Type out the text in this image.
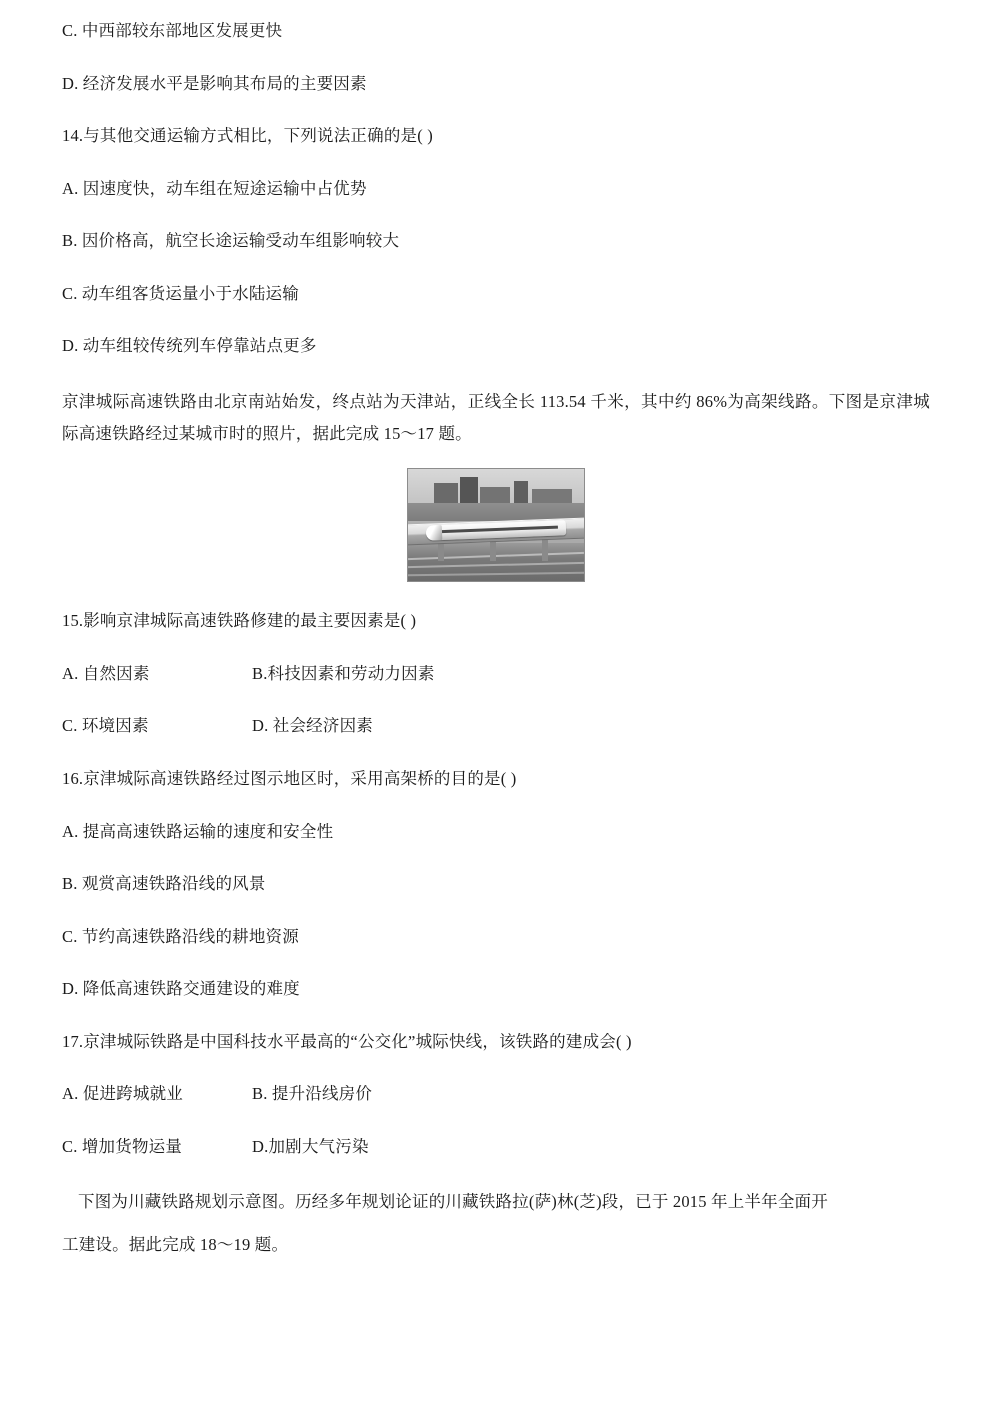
C. 中西部较东部地区发展更快
D. 经济发展水平是影响其布局的主要因素
14.与其他交通运输方式相比，下列说法正确的是( )
A. 因速度快，动车组在短途运输中占优势
B. 因价格高，航空长途运输受动车组影响较大
C. 动车组客货运量小于水陆运输
D. 动车组较传统列车停靠站点更多
京津城际高速铁路由北京南站始发，终点站为天津站，正线全长 113.54 千米，其中约 86%为高架线路。下图是京津城际高速铁路经过某城市时的照片，据此完成 15～17 题。
15.影响京津城际高速铁路修建的最主要因素是( )
A. 自然因素	B.科技因素和劳动力因素
C. 环境因素	D. 社会经济因素
16.京津城际高速铁路经过图示地区时，采用高架桥的目的是( )
A. 提高高速铁路运输的速度和安全性
B. 观赏高速铁路沿线的风景
C. 节约高速铁路沿线的耕地资源
D. 降低高速铁路交通建设的难度
17.京津城际铁路是中国科技水平最高的“公交化”城际快线，该铁路的建成会( )
A. 促进跨城就业	B. 提升沿线房价
C. 增加货物运量	D.加剧大气污染
下图为川藏铁路规划示意图。历经多年规划论证的川藏铁路拉(萨)林(芝)段，已于 2015 年上半年全面开
工建设。据此完成 18～19 题。
